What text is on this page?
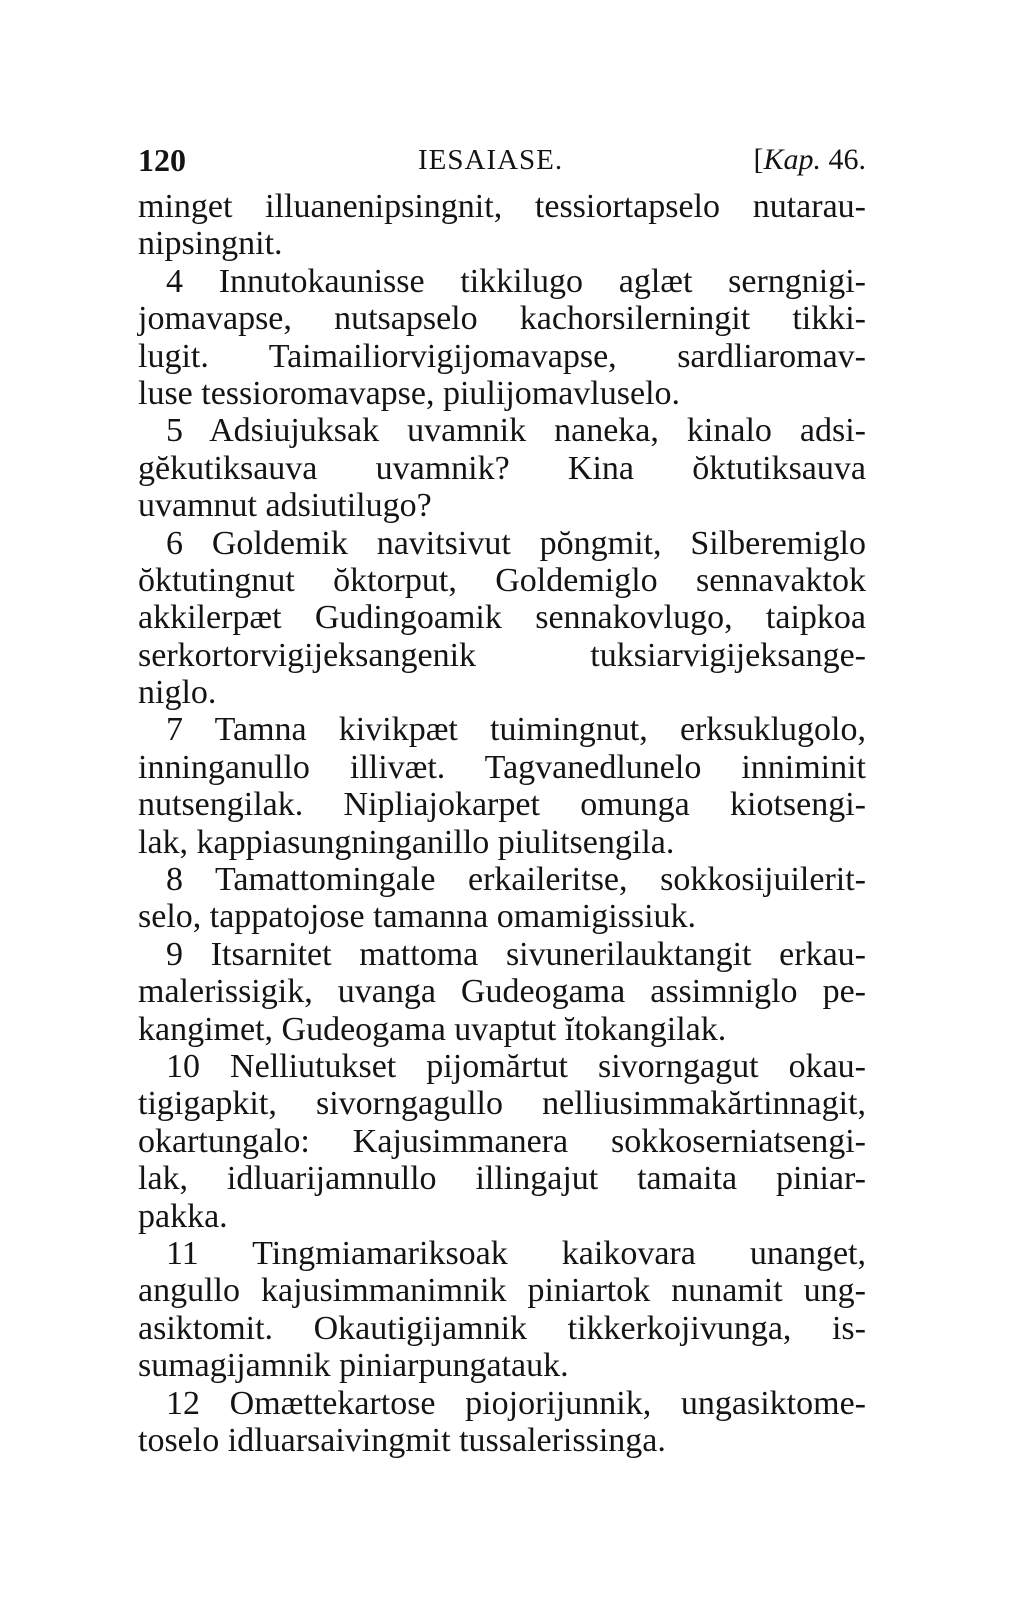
120	IESAIASE.	[Kap. 46.
minget illuanenipsingnit, tessiortapselo nutarau-
nipsingnit.
4 Innutokaunisse tikkilugo aglæt serngnigi-
jomavapse, nutsapselo kachorsilerningit tikki-
lugit. Taimailiorvigijomavapse, sardliaromav-
luse tessioromavapse, piulijomavluselo.
5 Adsiujuksak uvamnik naneka, kinalo adsi-
gĕkutiksauva uvamnik? Kina ŏktutiksauva
uvamnut adsiutilugo?
6 Goldemik navitsivut pŏngmit, Silberemiglo
ŏktutingnut ŏktorput, Goldemiglo sennavaktok
akkilerpæt Gudingoamik sennakovlugo, taipkoa
serkortorvigijeksangenik tuksiarvigijeksange-
niglo.
7 Tamna kivikpæt tuimingnut, erksuklugolo,
inninganullo illivæt. Tagvanedlunelo inniminit
nutsengilak. Nipliajokarpet omunga kiotsengi-
lak, kappiasungninganillo piulitsengila.
8 Tamattomingale erkaileritse, sokkosijuilerit-
selo, tappatojose tamanna omamigissiuk.
9 Itsarnitet mattoma sivunerilauktangit erkau-
malerissigik, uvanga Gudeogama assimniglo pe-
kangimet, Gudeogama uvaptut ĭtokangilak.
10 Nelliutukset pijomărtut sivorngagut okau-
tigigapkit, sivorngagullo nelliusimmakărtinnagit,
okartungalo: Kajusimmanera sokkoserniatsengi-
lak, idluarijamnullo illingajut tamaita piniar-
pakka.
11 Tingmiamariksoak kaikovara unanget,
angullo kajusimmanimnik piniartok nunamit ung-
asiktomit. Okautigijamnik tikkerkojivunga, is-
sumagijamnik piniarpungatauk.
12 Omættekartose piojorijunnik, ungasiktome-
toselo idluarsaivingmit tussalerissinga.
